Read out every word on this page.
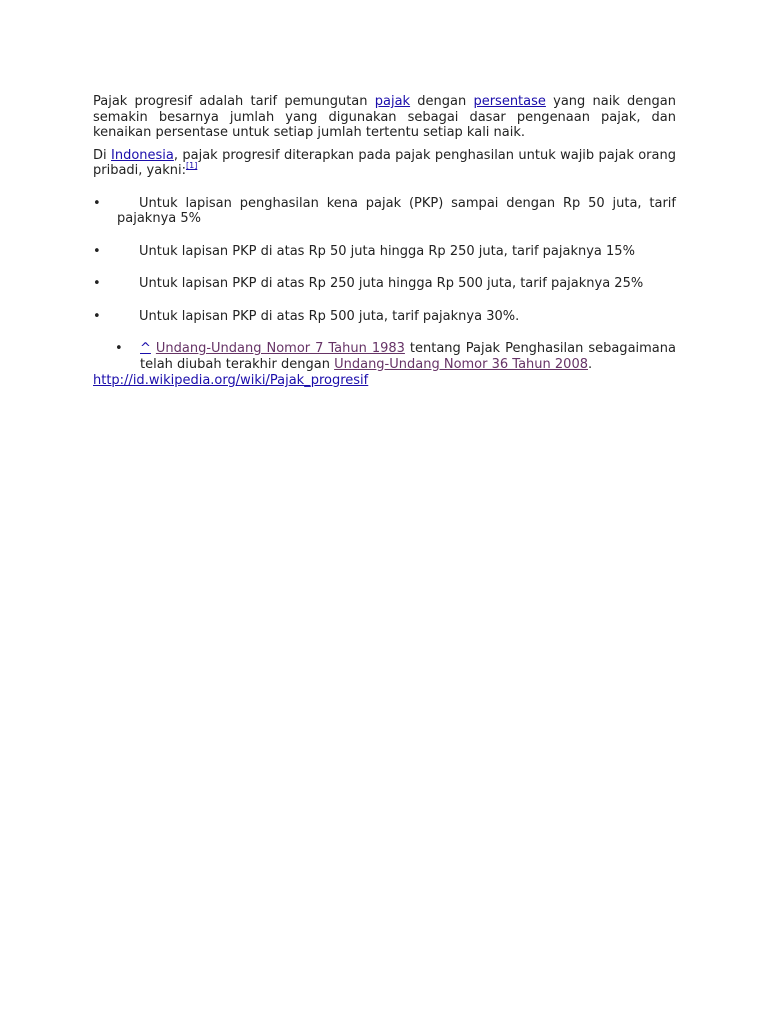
Pajak progresif adalah tarif pemungutan pajak dengan persentase yang naik dengan semakin besarnya jumlah yang digunakan sebagai dasar pengenaan pajak, dan kenaikan persentase untuk setiap jumlah tertentu setiap kali naik.

Di Indonesia, pajak progresif diterapkan pada pajak penghasilan untuk wajib pajak orang pribadi, yakni:[1]

•	Untuk lapisan penghasilan kena pajak (PKP) sampai dengan Rp 50 juta, tarif pajaknya 5%
•	Untuk lapisan PKP di atas Rp 50 juta hingga Rp 250 juta, tarif pajaknya 15%
•	Untuk lapisan PKP di atas Rp 250 juta hingga Rp 500 juta, tarif pajaknya 25%
•	Untuk lapisan PKP di atas Rp 500 juta, tarif pajaknya 30%.
• ^ Undang-Undang Nomor 7 Tahun 1983 tentang Pajak Penghasilan sebagaimana telah diubah terakhir dengan Undang-Undang Nomor 36 Tahun 2008.
http://id.wikipedia.org/wiki/Pajak_progresif
